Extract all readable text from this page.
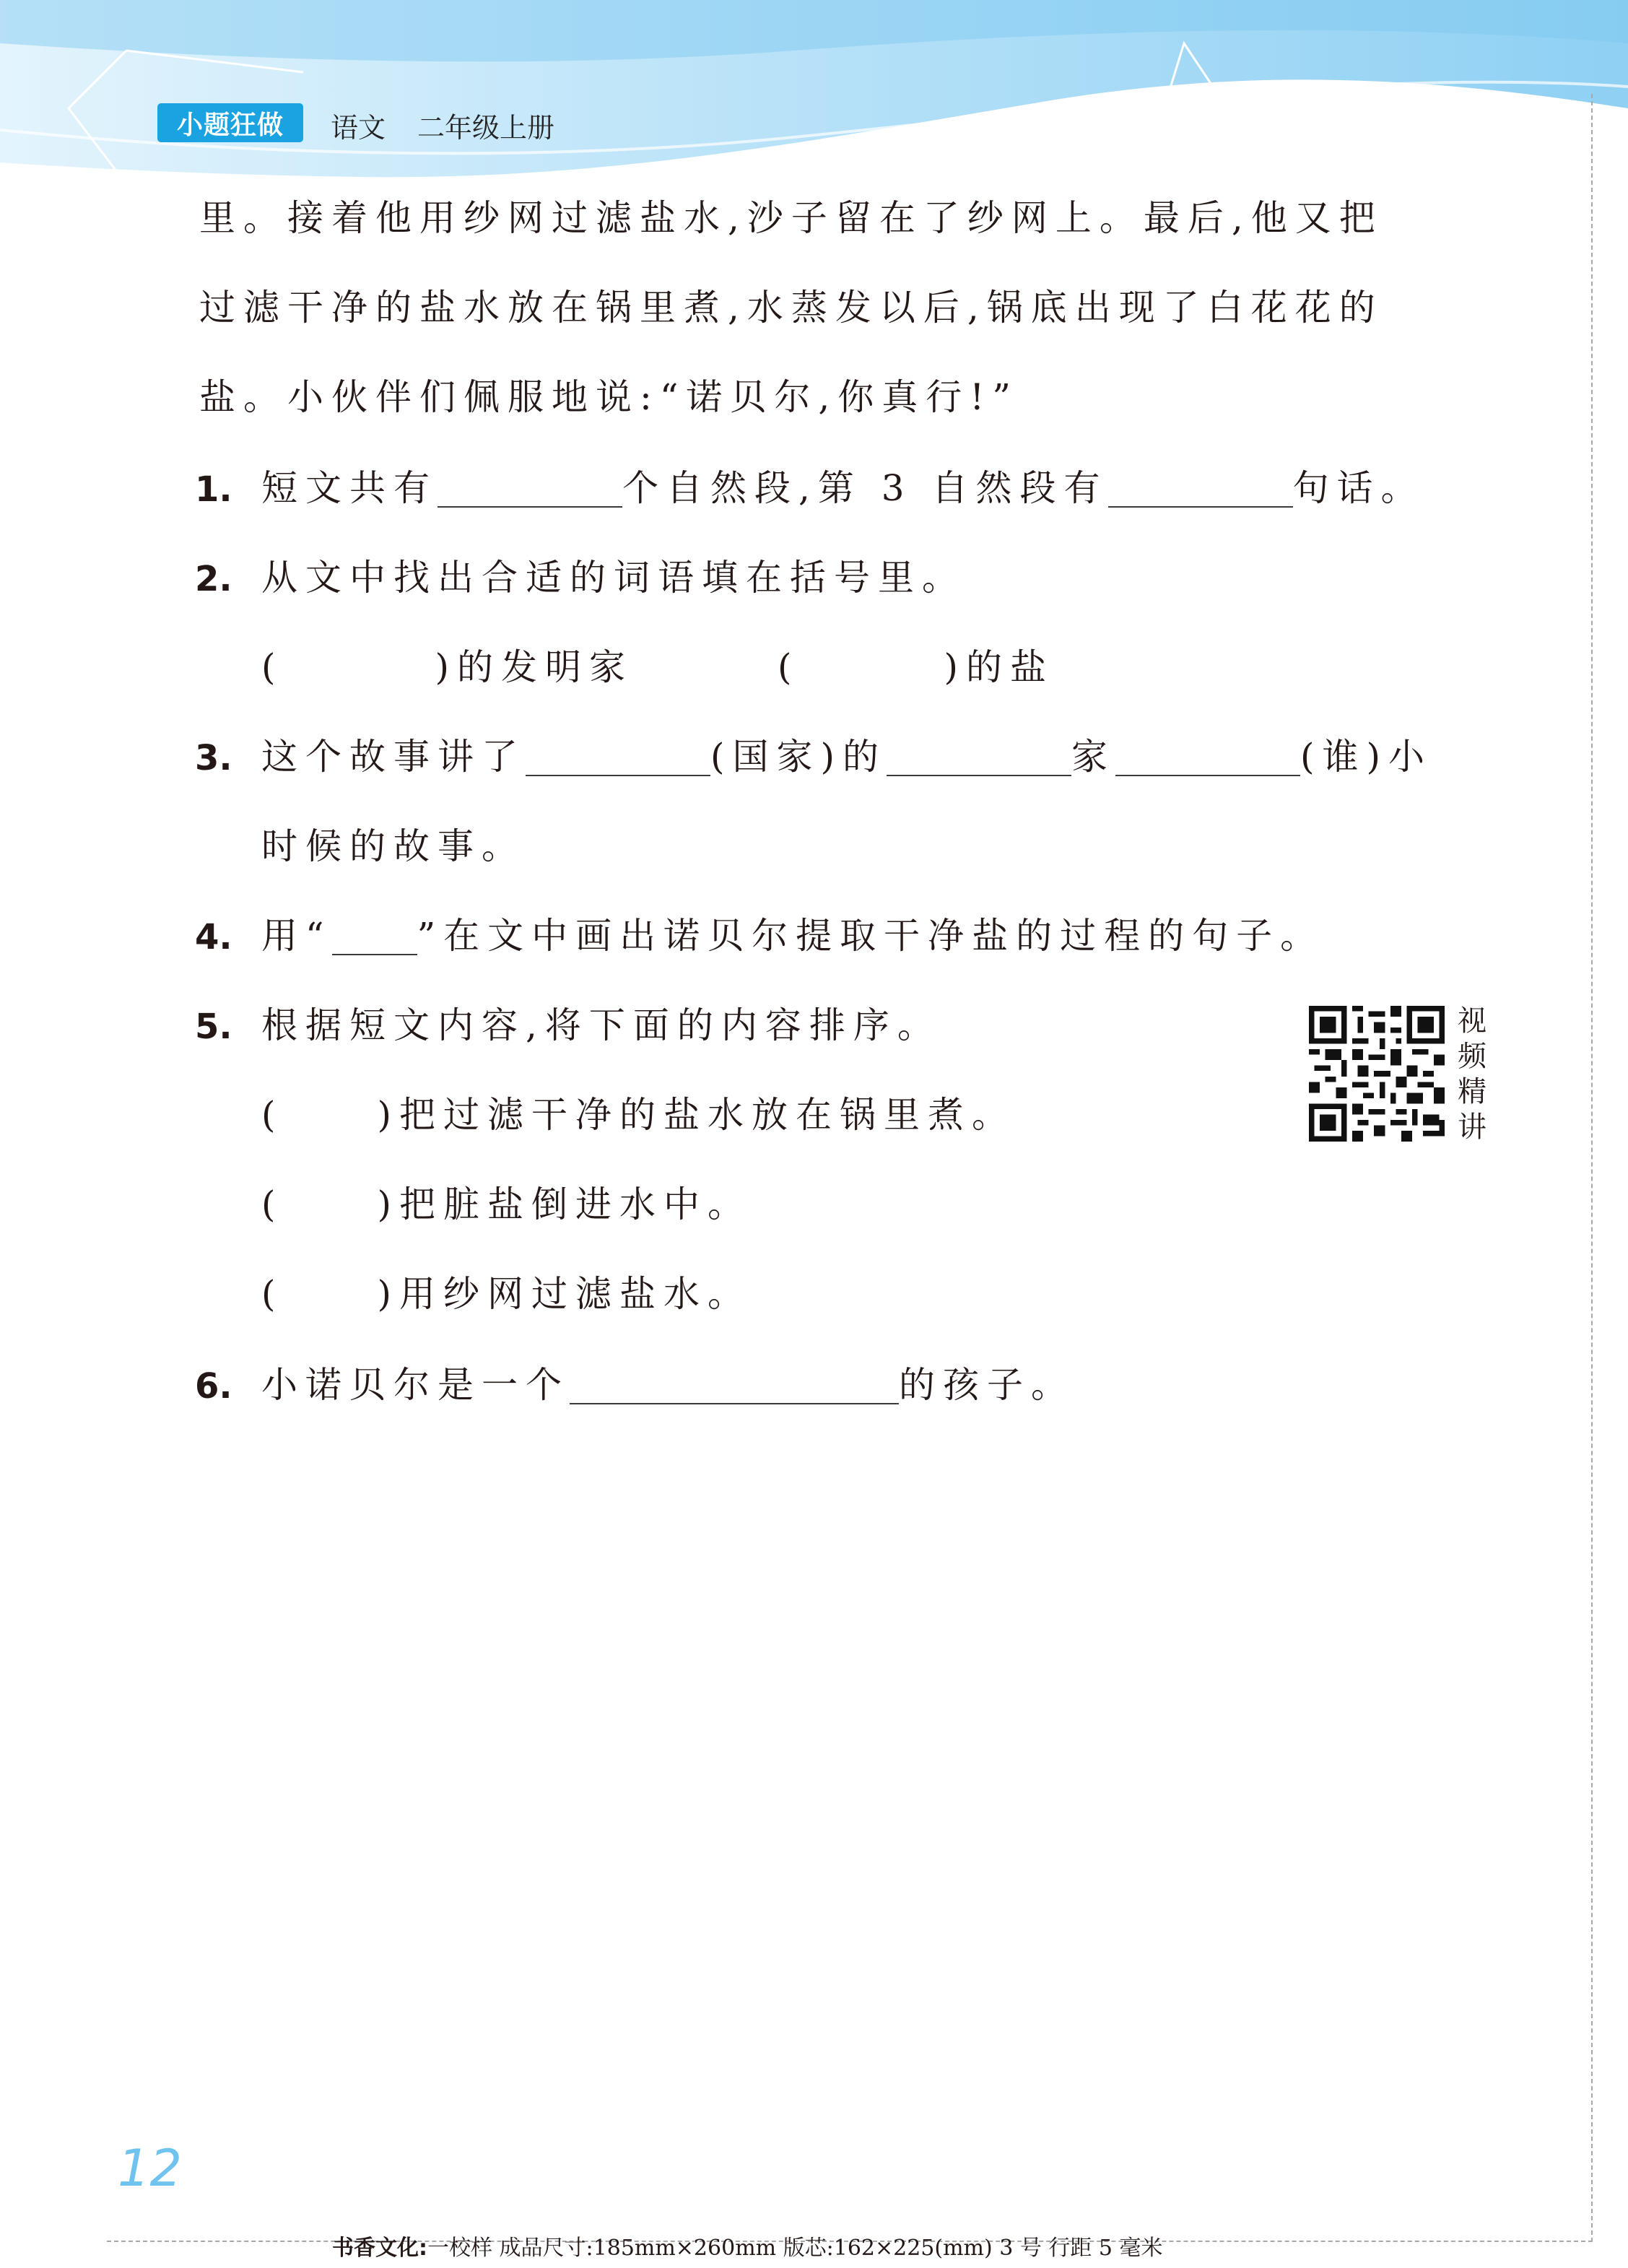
小题狂做	语文 二年级上册
里。接着他用纱网过滤盐水,沙子留在了纱网上。最后,他又把
过滤干净的盐水放在锅里煮,水蒸发以后,锅底出现了白花花的
盐。小伙伴们佩服地说:“诺贝尔,你真行!”
1. 短文共有	个自然段,第 3 自然段有	句话。
2. 从文中找出合适的词语填在括号里。
(	)的发明家	(	)的盐
3. 这个故事讲了	(国家)的	家	(谁)小
时候的故事。
4. 用“ ”在文中画出诺贝尔提取干净盐的过程的句子。
5. 根据短文内容,将下面的内容排序。
(	)把过滤干净的盐水放在锅里煮。
(	)把脏盐倒进水中。
(	)用纱网过滤盐水。
视
频
精
讲
6. 小诺贝尔是一个	的孩子。
12
书香文化:一校样 成品尺寸:185mm×260mm 版芯:162×225(mm) 3 号 行距 5 毫米
